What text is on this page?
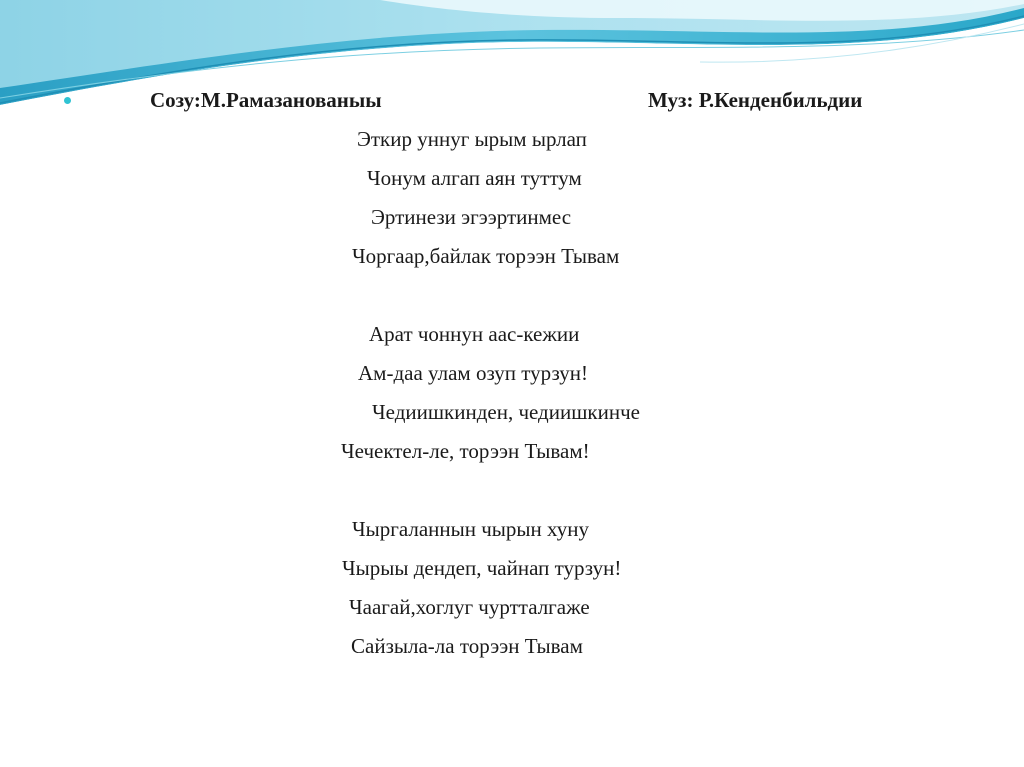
Созу:М.Рамазанованыы	Муз: Р.Кенденбильдии
Эткир уннуг ырым ырлап
Чонум алгап аян туттум
Эртинези эгээртинмес
Чоргаар,байлак торээн Тывам
Арат чоннун аас-кежии
Ам-даа улам озуп турзун!
Чедиишкинден, чедиишкинче
Чечектел-ле, торээн Тывам!
Чыргаланнын чырын хуну
Чырыы дендеп, чайнап турзун!
Чаагай,хоглуг чуртталгаже
Сайзыла-ла торээн Тывам
